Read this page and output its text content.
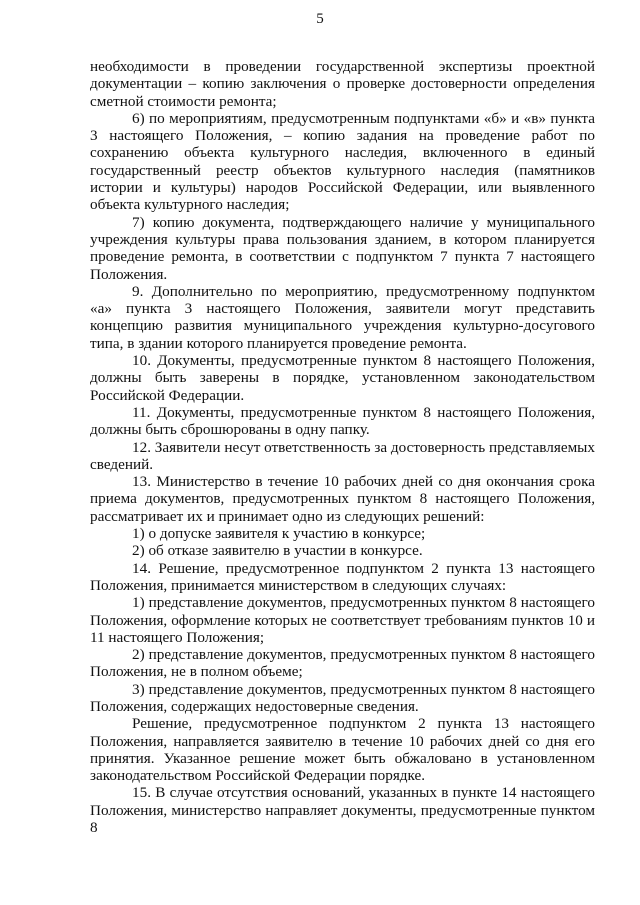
5

необходимости в проведении государственной экспертизы проектной документации – копию заключения о проверке достоверности определения сметной стоимости ремонта;

6) по мероприятиям, предусмотренным подпунктами «б» и «в» пункта 3 настоящего Положения, – копию задания на проведение работ по сохранению объекта культурного наследия, включенного в единый государственный реестр объектов культурного наследия (памятников истории и культуры) народов Российской Федерации, или выявленного объекта культурного наследия;

7) копию документа, подтверждающего наличие у муниципального учреждения культуры права пользования зданием, в котором планируется проведение ремонта, в соответствии с подпунктом 7 пункта 7 настоящего Положения.

9. Дополнительно по мероприятию, предусмотренному подпунктом «а» пункта 3 настоящего Положения, заявители могут представить концепцию развития муниципального учреждения культурно-досугового типа, в здании которого планируется проведение ремонта.

10. Документы, предусмотренные пунктом 8 настоящего Положения, должны быть заверены в порядке, установленном законодательством Российской Федерации.

11. Документы, предусмотренные пунктом 8 настоящего Положения, должны быть сброшюрованы в одну папку.

12. Заявители несут ответственность за достоверность представляемых сведений.

13. Министерство в течение 10 рабочих дней со дня окончания срока приема документов, предусмотренных пунктом 8 настоящего Положения, рассматривает их и принимает одно из следующих решений:

1) о допуске заявителя к участию в конкурсе;

2) об отказе заявителю в участии в конкурсе.

14. Решение, предусмотренное подпунктом 2 пункта 13 настоящего Положения, принимается министерством в следующих случаях:

1) представление документов, предусмотренных пунктом 8 настоящего Положения, оформление которых не соответствует требованиям пунктов 10 и 11 настоящего Положения;

2) представление документов, предусмотренных пунктом 8 настоящего Положения, не в полном объеме;

3) представление документов, предусмотренных пунктом 8 настоящего Положения, содержащих недостоверные сведения.

Решение, предусмотренное подпунктом 2 пункта 13 настоящего Положения, направляется заявителю в течение 10 рабочих дней со дня его принятия. Указанное решение может быть обжаловано в установленном законодательством Российской Федерации порядке.

15. В случае отсутствия оснований, указанных в пункте 14 настоящего Положения, министерство направляет документы, предусмотренные пунктом 8
